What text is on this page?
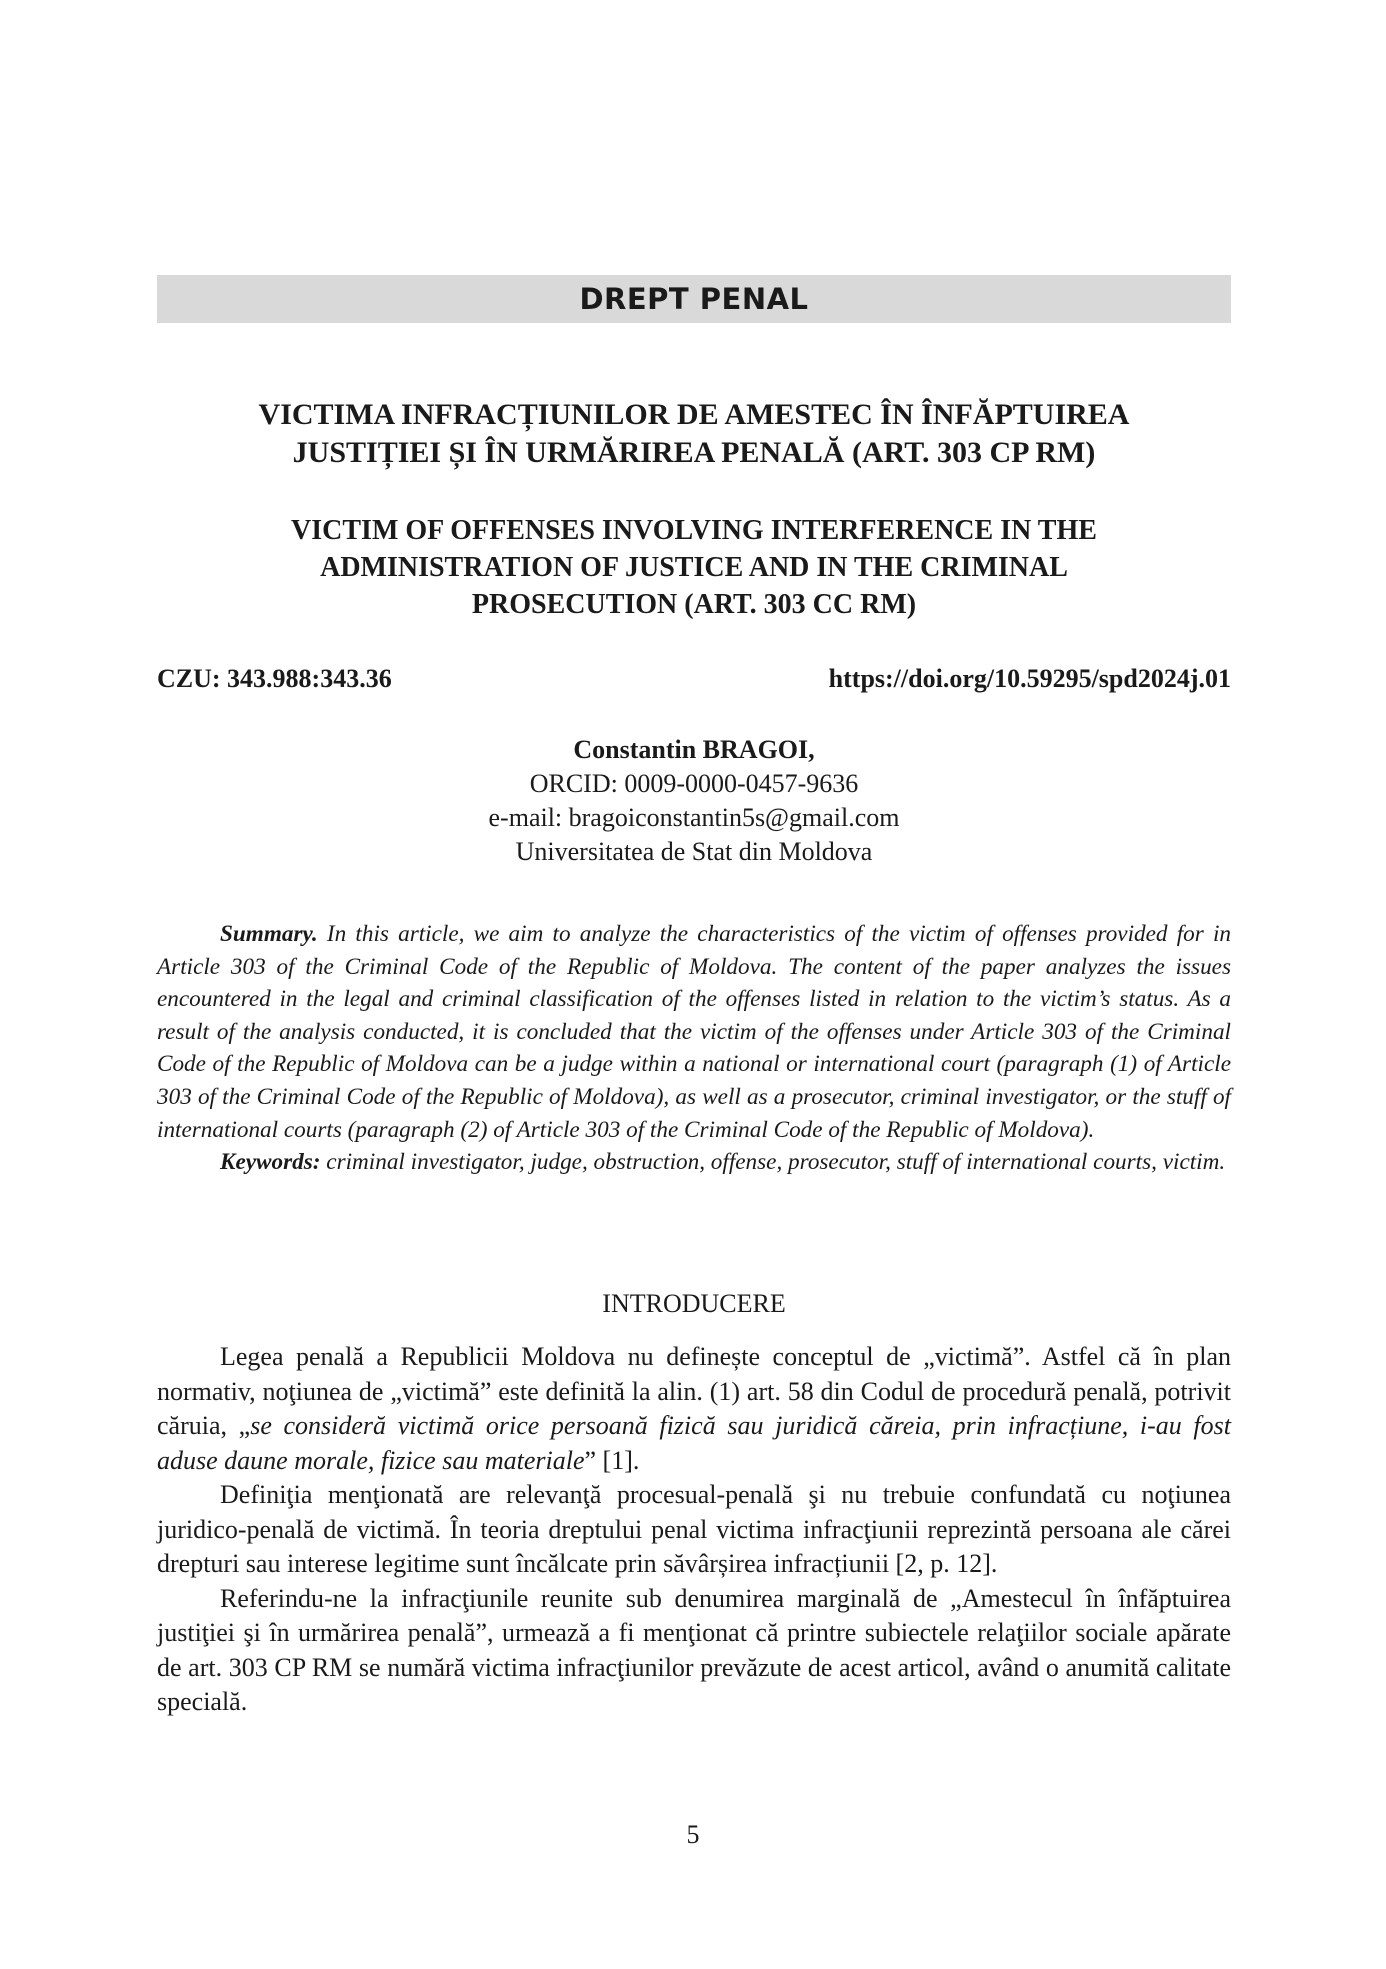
DREPT PENAL
VICTIMA INFRACȚIUNILOR DE AMESTEC ÎN ÎNFĂPTUIREA
JUSTIȚIEI ȘI ÎN URMĂRIREA PENALĂ (ART. 303 CP RM)
VICTIM OF OFFENSES INVOLVING INTERFERENCE IN THE
ADMINISTRATION OF JUSTICE AND IN THE CRIMINAL
PROSECUTION (ART. 303 CC RM)
CZU: 343.988:343.36	https://doi.org/10.59295/spd2024j.01
Constantin BRAGOI,
ORCID: 0009-0000-0457-9636
e-mail: bragoiconstantin5s@gmail.com
Universitatea de Stat din Moldova

Summary. In this article, we aim to analyze the characteristics of the victim of offenses provided for in Article 303 of the Criminal Code of the Republic of Moldova. The content of the paper analyzes the issues encountered in the legal and criminal classification of the offenses listed in relation to the victim’s status. As a result of the analysis conducted, it is concluded that the victim of the offenses under Article 303 of the Criminal Code of the Republic of Moldova can be a judge within a national or international court (paragraph (1) of Article 303 of the Criminal Code of the Republic of Moldova), as well as a prosecutor, criminal investigator, or the stuff of international courts (paragraph (2) of Article 303 of the Criminal Code of the Republic of Moldova).

Keywords: criminal investigator, judge, obstruction, offense, prosecutor, stuff of international courts, victim.

INTRODUCERE

Legea penală a Republicii Moldova nu definește conceptul de „victimă”. Astfel că în plan normativ, noţiunea de „victimă” este definită la alin. (1) art. 58 din Codul de procedură penală, potrivit căruia, „se consideră victimă orice persoană fizică sau juridică căreia, prin infracțiune, i-au fost aduse daune morale, fizice sau materiale” [1].

Definiţia menţionată are relevanţă procesual-penală şi nu trebuie confundată cu noţiunea juridico-penală de victimă. În teoria dreptului penal victima infracţiunii reprezintă persoana ale cărei drepturi sau interese legitime sunt încălcate prin săvârșirea infracțiunii [2, p. 12].

Referindu-ne la infracţiunile reunite sub denumirea marginală de „Amestecul în înfăptuirea justiţiei şi în urmărirea penală”, urmează a fi menţionat că printre subiectele relaţiilor sociale apărate de art. 303 CP RM se numără victima infracţiunilor prevăzute de acest articol, având o anumită calitate specială.

5
